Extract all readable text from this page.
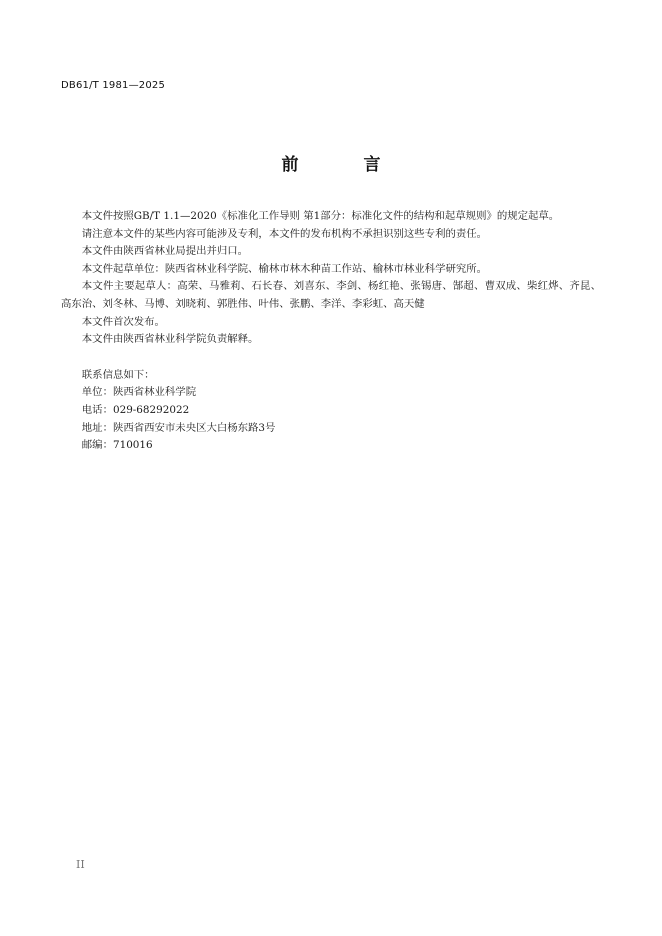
DB61/T 1981—2025
前　言

本文件按照GB/T 1.1—2020《标准化工作导则 第1部分：标准化文件的结构和起草规则》的规定起草。

请注意本文件的某些内容可能涉及专利，本文件的发布机构不承担识别这些专利的责任。

本文件由陕西省林业局提出并归口。

本文件起草单位：陕西省林业科学院、榆林市林木种苗工作站、榆林市林业科学研究所。

本文件主要起草人：高荣、马雅莉、石长春、刘喜东、李剑、杨红艳、张锡唐、郜超、曹双成、柴红烨、齐昆、高东治、刘冬林、马博、刘晓莉、郭胜伟、叶伟、张鹏、李洋、李彩虹、高天健

本文件首次发布。

本文件由陕西省林业科学院负责解释。

联系信息如下：

单位：陕西省林业科学院

电话：029-68292022

地址：陕西省西安市未央区大白杨东路3号

邮编：710016

II
